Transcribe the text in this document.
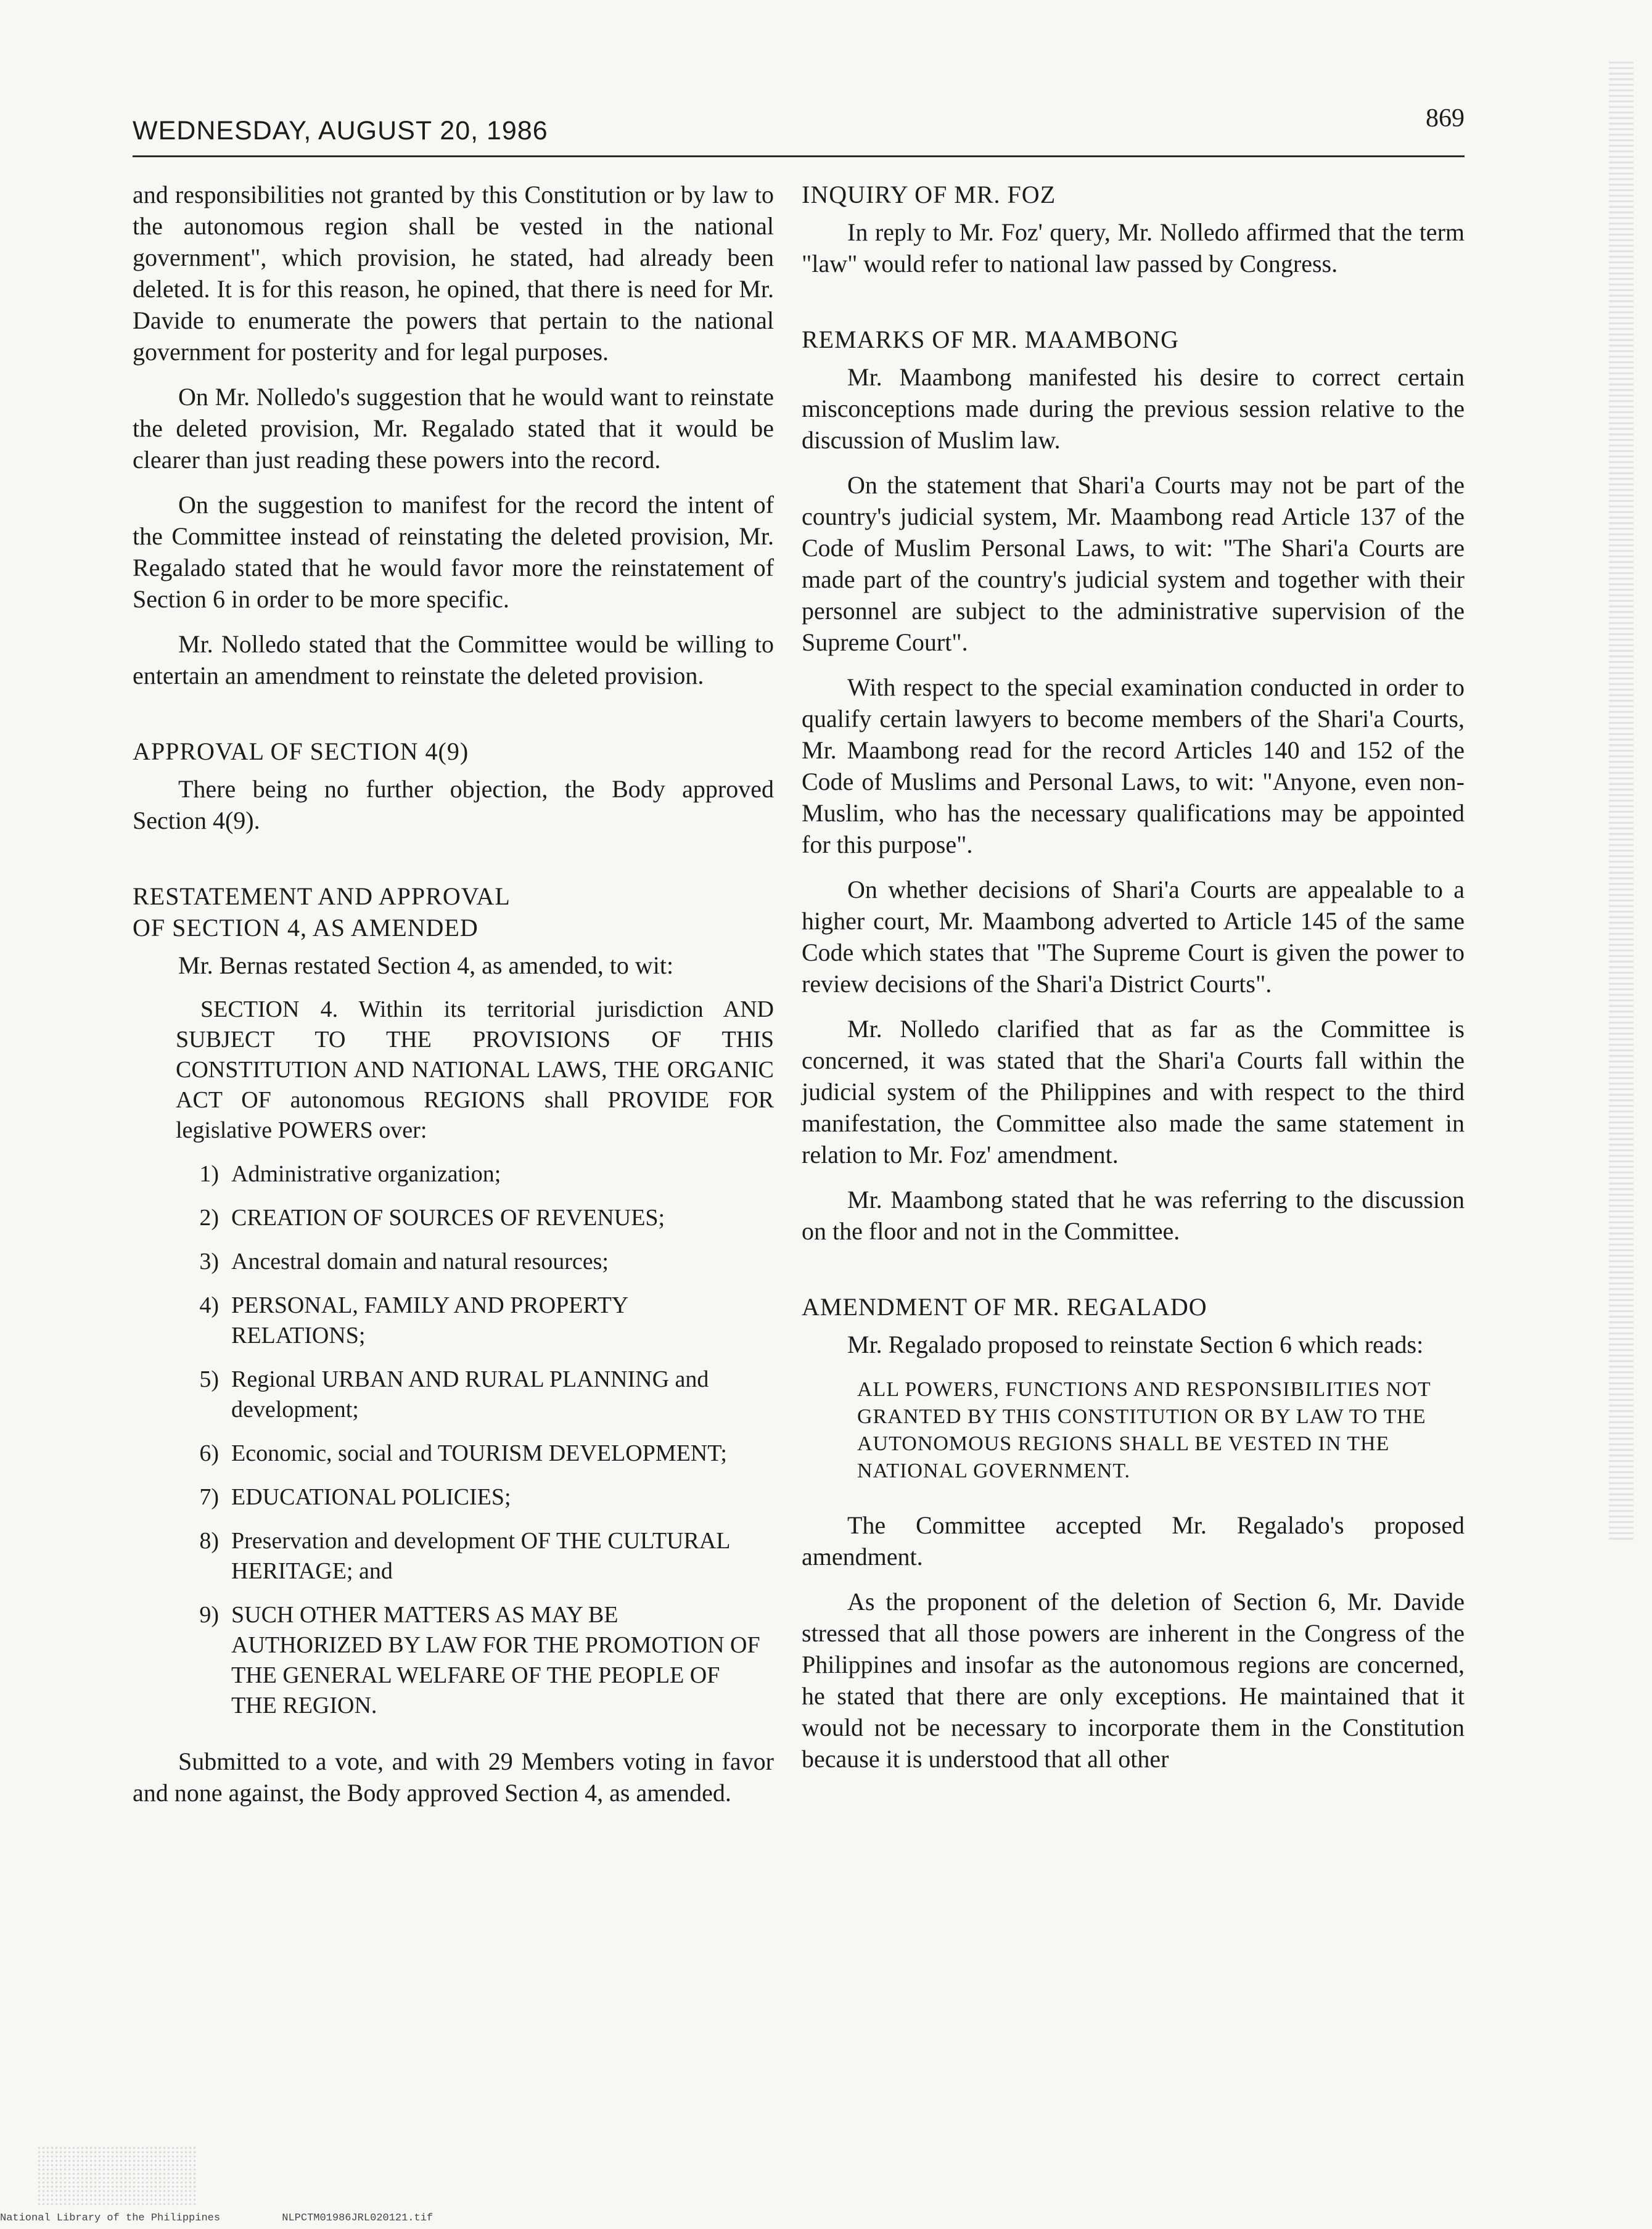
WEDNESDAY, AUGUST 20, 1986	869

and responsibilities not granted by this Constitution or by law to the autonomous region shall be vested in the national government", which provision, he stated, had already been deleted. It is for this reason, he opined, that there is need for Mr. Davide to enumerate the powers that pertain to the national government for posterity and for legal purposes.

On Mr. Nolledo's suggestion that he would want to reinstate the deleted provision, Mr. Regalado stated that it would be clearer than just reading these powers into the record.

On the suggestion to manifest for the record the intent of the Committee instead of reinstating the deleted provision, Mr. Regalado stated that he would favor more the reinstatement of Section 6 in order to be more specific.

Mr. Nolledo stated that the Committee would be willing to entertain an amendment to reinstate the deleted provision.

APPROVAL OF SECTION 4(9)

There being no further objection, the Body approved Section 4(9).

RESTATEMENT AND APPROVAL
OF SECTION 4, AS AMENDED

Mr. Bernas restated Section 4, as amended, to wit:

SECTION 4. Within its territorial jurisdiction AND SUBJECT TO THE PROVISIONS OF THIS CONSTITUTION AND NATIONAL LAWS, THE ORGANIC ACT OF autonomous REGIONS shall PROVIDE FOR legislative POWERS over:
1) Administrative organization;
2) CREATION OF SOURCES OF REVENUES;
3) Ancestral domain and natural resources;
4) PERSONAL, FAMILY AND PROPERTY RELATIONS;
5) Regional URBAN AND RURAL PLANNING and development;
6) Economic, social and TOURISM DEVELOPMENT;
7) EDUCATIONAL POLICIES;
8) Preservation and development OF THE CULTURAL HERITAGE; and
9) SUCH OTHER MATTERS AS MAY BE AUTHORIZED BY LAW FOR THE PROMOTION OF THE GENERAL WELFARE OF THE PEOPLE OF THE REGION.

Submitted to a vote, and with 29 Members voting in favor and none against, the Body approved Section 4, as amended.

INQUIRY OF MR. FOZ

In reply to Mr. Foz' query, Mr. Nolledo affirmed that the term "law" would refer to national law passed by Congress.

REMARKS OF MR. MAAMBONG

Mr. Maambong manifested his desire to correct certain misconceptions made during the previous session relative to the discussion of Muslim law.

On the statement that Shari'a Courts may not be part of the country's judicial system, Mr. Maambong read Article 137 of the Code of Muslim Personal Laws, to wit: "The Shari'a Courts are made part of the country's judicial system and together with their personnel are subject to the administrative supervision of the Supreme Court".

With respect to the special examination conducted in order to qualify certain lawyers to become members of the Shari'a Courts, Mr. Maambong read for the record Articles 140 and 152 of the Code of Muslims and Personal Laws, to wit: "Anyone, even non-Muslim, who has the necessary qualifications may be appointed for this purpose".

On whether decisions of Shari'a Courts are appealable to a higher court, Mr. Maambong adverted to Article 145 of the same Code which states that "The Supreme Court is given the power to review decisions of the Shari'a District Courts".

Mr. Nolledo clarified that as far as the Committee is concerned, it was stated that the Shari'a Courts fall within the judicial system of the Philippines and with respect to the third manifestation, the Committee also made the same statement in relation to Mr. Foz' amendment.

Mr. Maambong stated that he was referring to the discussion on the floor and not in the Committee.

AMENDMENT OF MR. REGALADO

Mr. Regalado proposed to reinstate Section 6 which reads:

ALL POWERS, FUNCTIONS AND RESPONSIBILITIES NOT GRANTED BY THIS CONSTITUTION OR BY LAW TO THE AUTONOMOUS REGIONS SHALL BE VESTED IN THE NATIONAL GOVERNMENT.

The Committee accepted Mr. Regalado's proposed amendment.

As the proponent of the deletion of Section 6, Mr. Davide stressed that all those powers are inherent in the Congress of the Philippines and insofar as the autonomous regions are concerned, he stated that there are only exceptions. He maintained that it would not be necessary to incorporate them in the Constitution because it is understood that all other

National Library of the Philippines	NLPCTM01986JRL020121.tif
